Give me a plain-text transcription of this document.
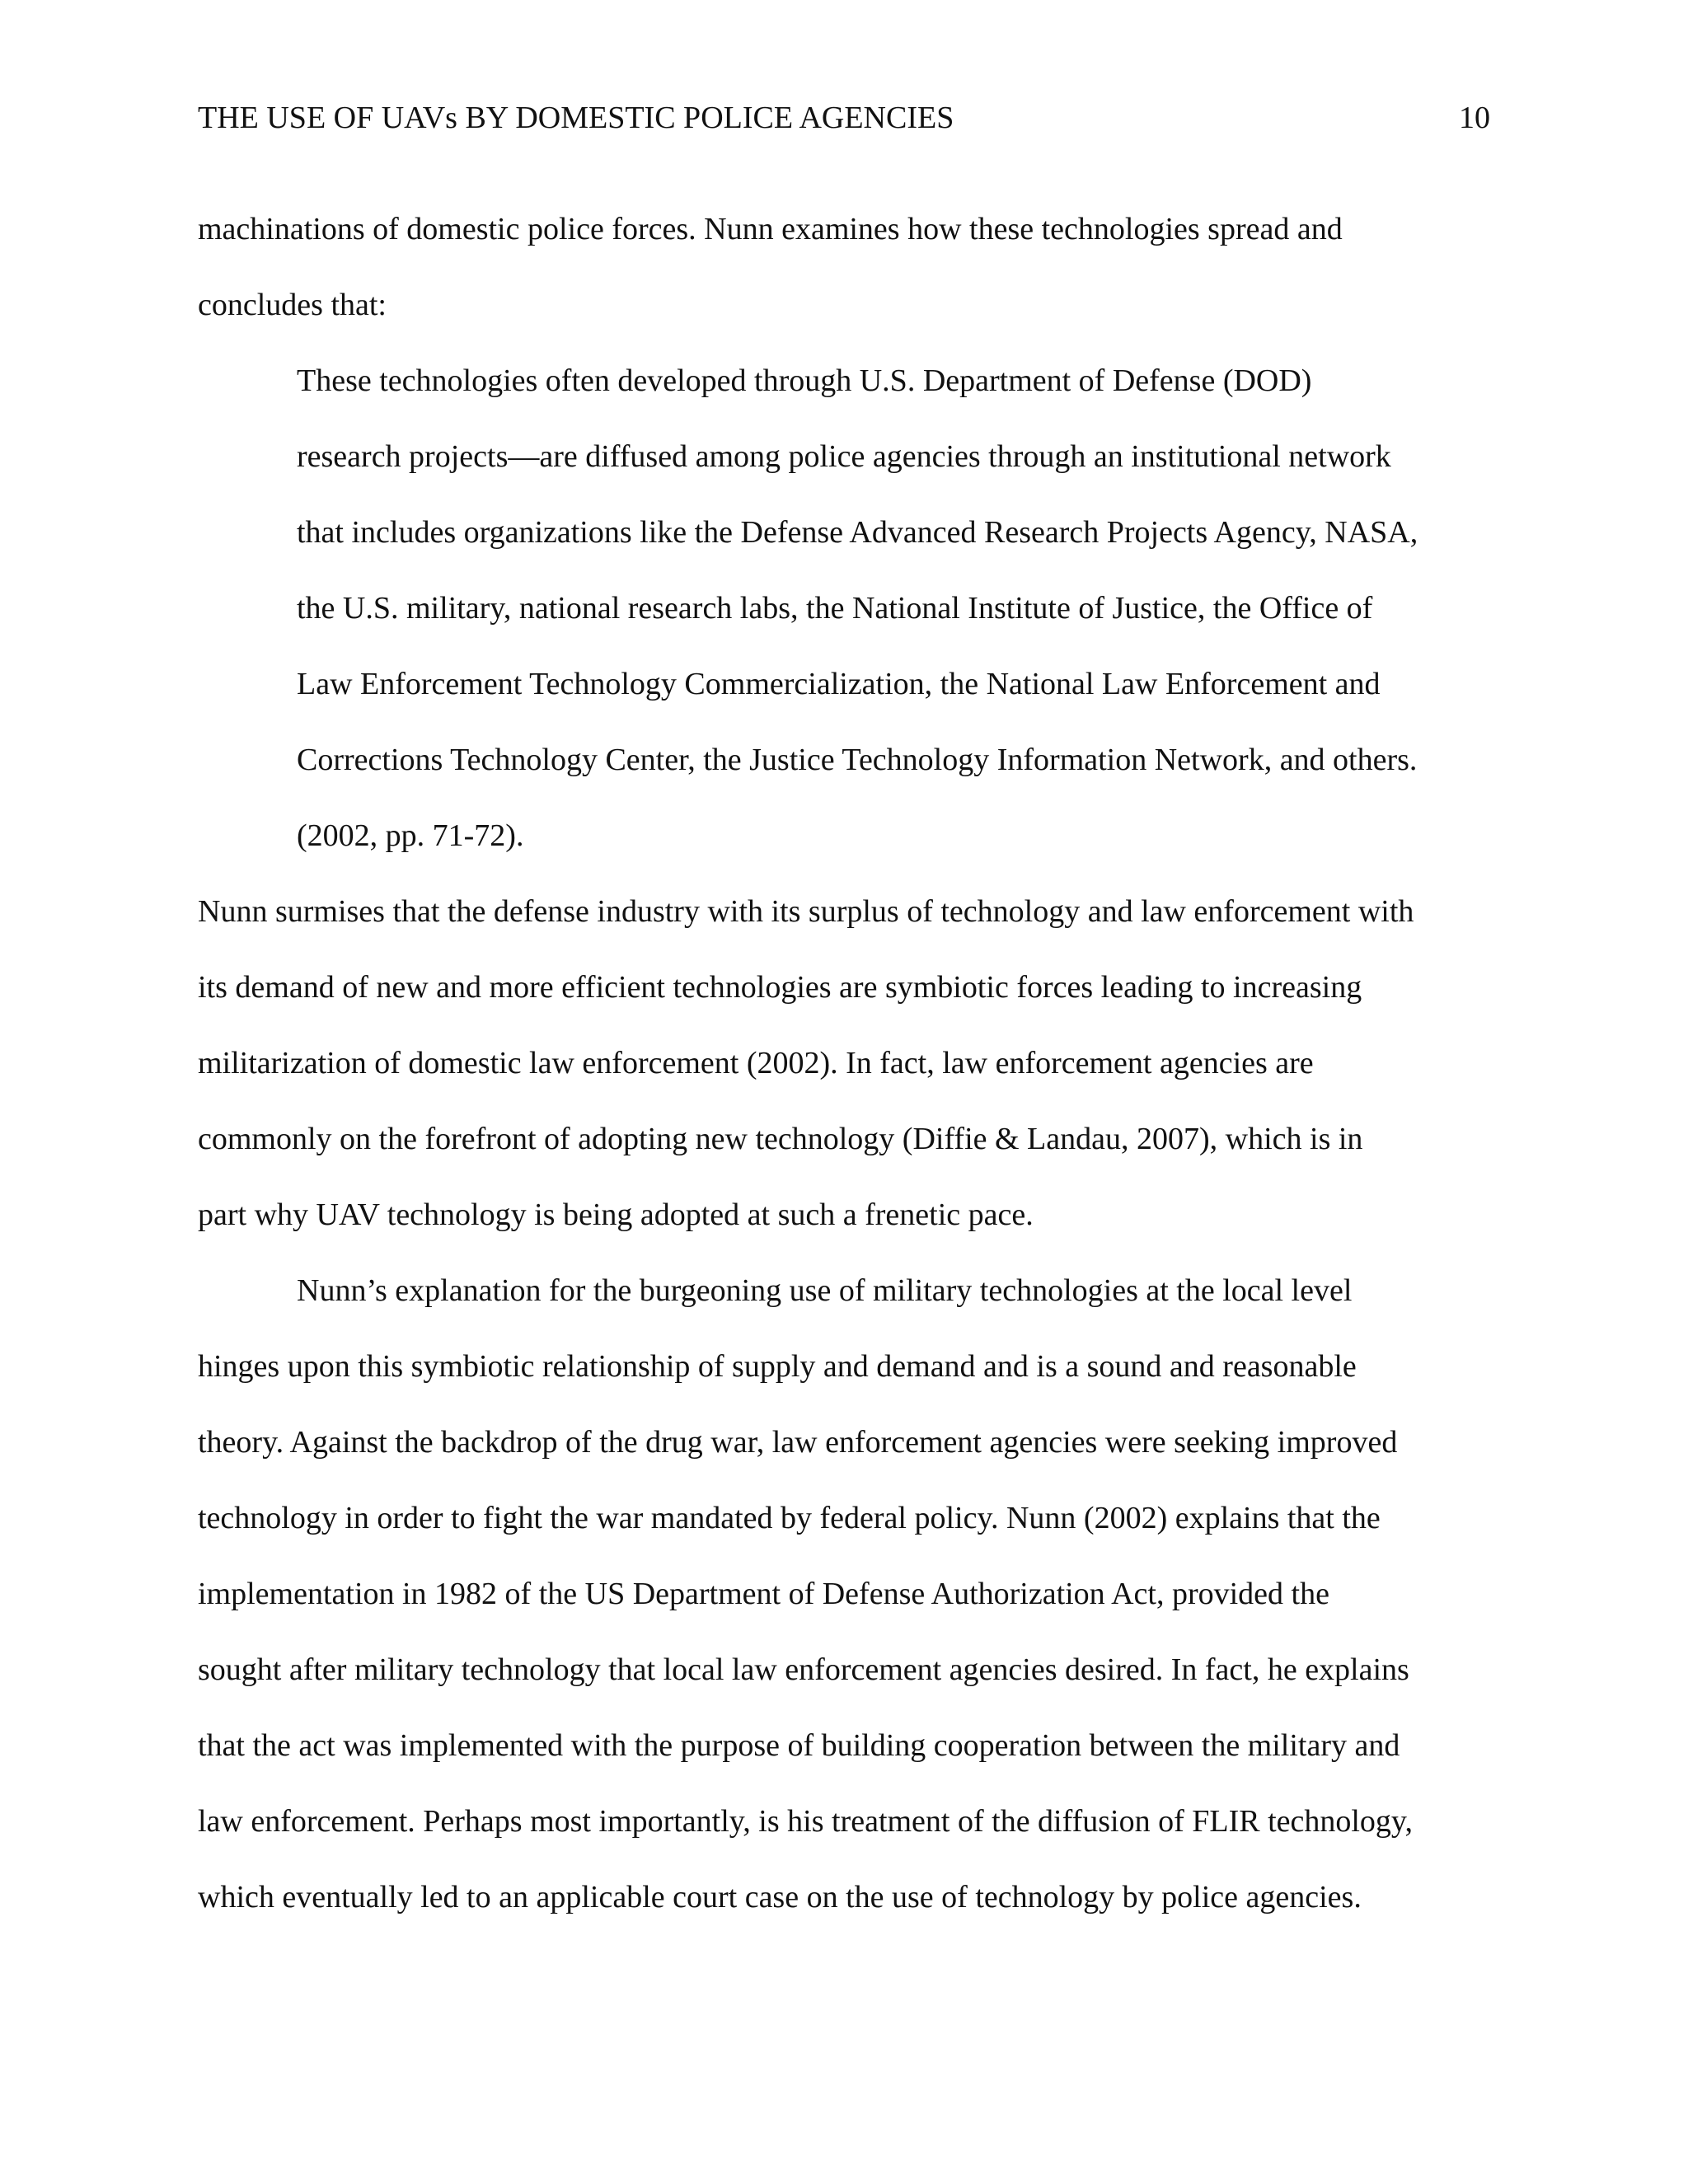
THE USE OF UAVs BY DOMESTIC POLICE AGENCIES	10
machinations of domestic police forces. Nunn examines how these technologies spread and
concludes that:
These technologies often developed through U.S. Department of Defense (DOD)
research projects—are diffused among police agencies through an institutional network
that includes organizations like the Defense Advanced Research Projects Agency, NASA,
the U.S. military, national research labs, the National Institute of Justice, the Office of
Law Enforcement Technology Commercialization, the National Law Enforcement and
Corrections Technology Center, the Justice Technology Information Network, and others.
(2002, pp. 71-72).
Nunn surmises that the defense industry with its surplus of technology and law enforcement with
its demand of new and more efficient technologies are symbiotic forces leading to increasing
militarization of domestic law enforcement (2002). In fact, law enforcement agencies are
commonly on the forefront of adopting new technology (Diffie & Landau, 2007), which is in
part why UAV technology is being adopted at such a frenetic pace.
Nunn’s explanation for the burgeoning use of military technologies at the local level
hinges upon this symbiotic relationship of supply and demand and is a sound and reasonable
theory. Against the backdrop of the drug war, law enforcement agencies were seeking improved
technology in order to fight the war mandated by federal policy. Nunn (2002) explains that the
implementation in 1982 of the US Department of Defense Authorization Act, provided the
sought after military technology that local law enforcement agencies desired. In fact, he explains
that the act was implemented with the purpose of building cooperation between the military and
law enforcement. Perhaps most importantly, is his treatment of the diffusion of FLIR technology,
which eventually led to an applicable court case on the use of technology by police agencies.
